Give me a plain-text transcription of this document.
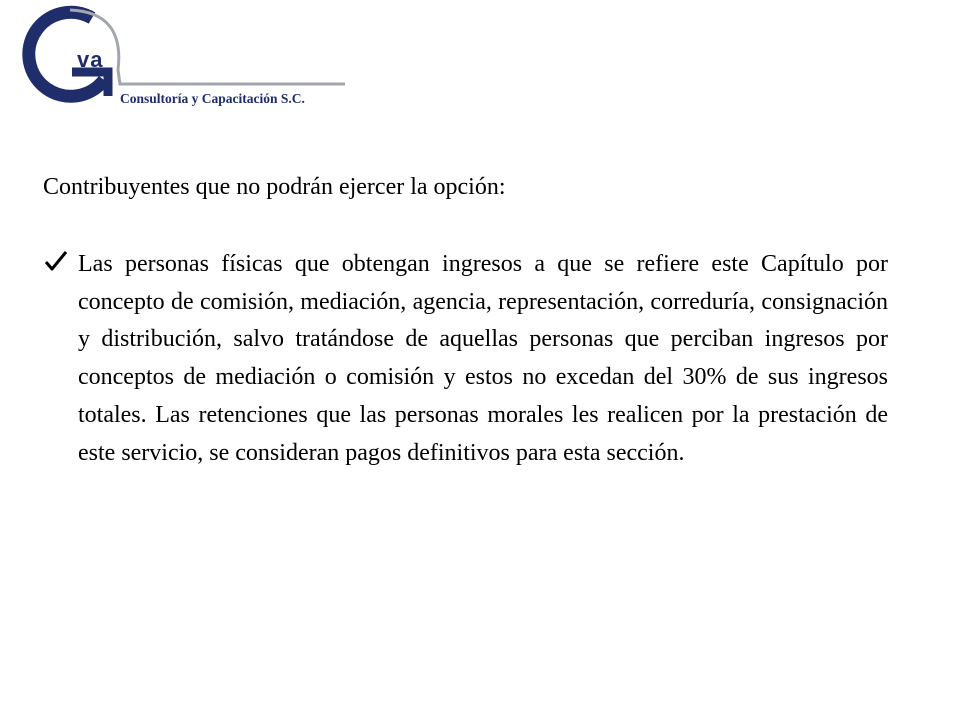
va
Consultoría y Capacitación S.C.
Contribuyentes que no podrán ejercer la opción:
Las personas físicas que obtengan ingresos a que se refiere este Capítulo por concepto de comisión, mediación, agencia, representación, correduría, consignación y distribución, salvo tratándose de aquellas personas que perciban ingresos por conceptos de mediación o comisión y estos no excedan del 30% de sus ingresos totales. Las retenciones que las personas morales les realicen por la prestación de este servicio, se consideran pagos definitivos para esta sección.
